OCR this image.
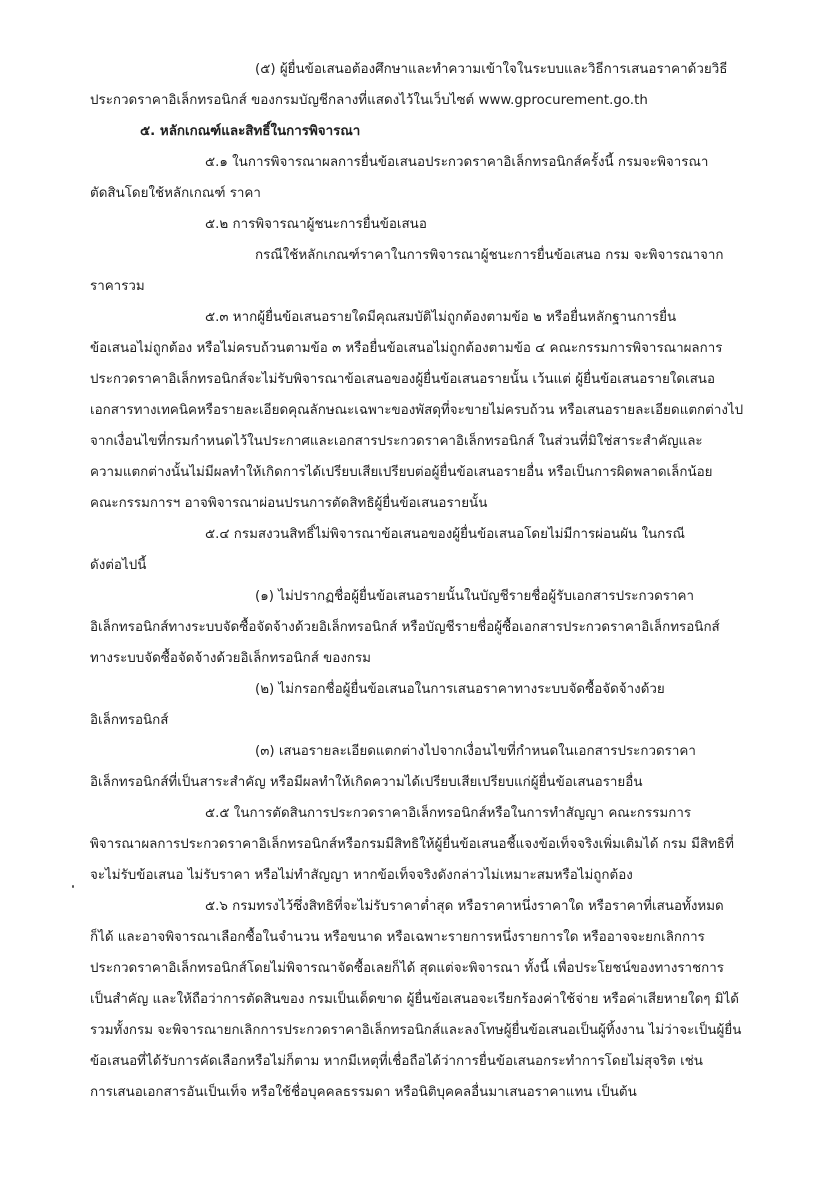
(๕) ผู้ยื่นข้อเสนอต้องศึกษาและทำความเข้าใจในระบบและวิธีการเสนอราคาด้วยวิธี
ประกวดราคาอิเล็กทรอนิกส์ ของกรมบัญชีกลางที่แสดงไว้ในเว็บไซต์ www.gprocurement.go.th
๕. หลักเกณฑ์และสิทธิ์ในการพิจารณา
๕.๑ ในการพิจารณาผลการยื่นข้อเสนอประกวดราคาอิเล็กทรอนิกส์ครั้งนี้ กรมจะพิจารณา
ตัดสินโดยใช้หลักเกณฑ์ ราคา
๕.๒ การพิจารณาผู้ชนะการยื่นข้อเสนอ
กรณีใช้หลักเกณฑ์ราคาในการพิจารณาผู้ชนะการยื่นข้อเสนอ กรม จะพิจารณาจาก
ราคารวม
๕.๓ หากผู้ยื่นข้อเสนอรายใดมีคุณสมบัติไม่ถูกต้องตามข้อ ๒ หรือยื่นหลักฐานการยื่น
ข้อเสนอไม่ถูกต้อง หรือไม่ครบถ้วนตามข้อ ๓ หรือยื่นข้อเสนอไม่ถูกต้องตามข้อ ๔ คณะกรรมการพิจารณาผลการ
ประกวดราคาอิเล็กทรอนิกส์จะไม่รับพิจารณาข้อเสนอของผู้ยื่นข้อเสนอรายนั้น เว้นแต่ ผู้ยื่นข้อเสนอรายใดเสนอ
เอกสารทางเทคนิคหรือรายละเอียดคุณลักษณะเฉพาะของพัสดุที่จะขายไม่ครบถ้วน หรือเสนอรายละเอียดแตกต่างไป
จากเงื่อนไขที่กรมกำหนดไว้ในประกาศและเอกสารประกวดราคาอิเล็กทรอนิกส์ ในส่วนที่มิใช่สาระสำคัญและ
ความแตกต่างนั้นไม่มีผลทำให้เกิดการได้เปรียบเสียเปรียบต่อผู้ยื่นข้อเสนอรายอื่น หรือเป็นการผิดพลาดเล็กน้อย
คณะกรรมการฯ อาจพิจารณาผ่อนปรนการตัดสิทธิผู้ยื่นข้อเสนอรายนั้น
๕.๔ กรมสงวนสิทธิ์ไม่พิจารณาข้อเสนอของผู้ยื่นข้อเสนอโดยไม่มีการผ่อนผัน ในกรณี
ดังต่อไปนี้
(๑) ไม่ปรากฏชื่อผู้ยื่นข้อเสนอรายนั้นในบัญชีรายชื่อผู้รับเอกสารประกวดราคา
อิเล็กทรอนิกส์ทางระบบจัดซื้อจัดจ้างด้วยอิเล็กทรอนิกส์ หรือบัญชีรายชื่อผู้ซื้อเอกสารประกวดราคาอิเล็กทรอนิกส์
ทางระบบจัดซื้อจัดจ้างด้วยอิเล็กทรอนิกส์ ของกรม
(๒) ไม่กรอกชื่อผู้ยื่นข้อเสนอในการเสนอราคาทางระบบจัดซื้อจัดจ้างด้วย
อิเล็กทรอนิกส์
(๓) เสนอรายละเอียดแตกต่างไปจากเงื่อนไขที่กำหนดในเอกสารประกวดราคา
อิเล็กทรอนิกส์ที่เป็นสาระสำคัญ หรือมีผลทำให้เกิดความได้เปรียบเสียเปรียบแก่ผู้ยื่นข้อเสนอรายอื่น
๕.๕ ในการตัดสินการประกวดราคาอิเล็กทรอนิกส์หรือในการทำสัญญา คณะกรรมการ
พิจารณาผลการประกวดราคาอิเล็กทรอนิกส์หรือกรมมีสิทธิให้ผู้ยื่นข้อเสนอชี้แจงข้อเท็จจริงเพิ่มเติมได้ กรม มีสิทธิที่
จะไม่รับข้อเสนอ ไม่รับราคา หรือไม่ทำสัญญา หากข้อเท็จจริงดังกล่าวไม่เหมาะสมหรือไม่ถูกต้อง
๕.๖ กรมทรงไว้ซึ่งสิทธิที่จะไม่รับราคาต่ำสุด หรือราคาหนึ่งราคาใด หรือราคาที่เสนอทั้งหมด
ก็ได้ และอาจพิจารณาเลือกซื้อในจำนวน หรือขนาด หรือเฉพาะรายการหนึ่งรายการใด หรืออาจจะยกเลิกการ
ประกวดราคาอิเล็กทรอนิกส์โดยไม่พิจารณาจัดซื้อเลยก็ได้ สุดแต่จะพิจารณา ทั้งนี้ เพื่อประโยชน์ของทางราชการ
เป็นสำคัญ และให้ถือว่าการตัดสินของ กรมเป็นเด็ดขาด ผู้ยื่นข้อเสนอจะเรียกร้องค่าใช้จ่าย หรือค่าเสียหายใดๆ มิได้
รวมทั้งกรม จะพิจารณายกเลิกการประกวดราคาอิเล็กทรอนิกส์และลงโทษผู้ยื่นข้อเสนอเป็นผู้ทิ้งงาน ไม่ว่าจะเป็นผู้ยื่น
ข้อเสนอที่ได้รับการคัดเลือกหรือไม่ก็ตาม หากมีเหตุที่เชื่อถือได้ว่าการยื่นข้อเสนอกระทำการโดยไม่สุจริต เช่น
การเสนอเอกสารอันเป็นเท็จ หรือใช้ชื่อบุคคลธรรมดา หรือนิติบุคคลอื่นมาเสนอราคาแทน เป็นต้น
